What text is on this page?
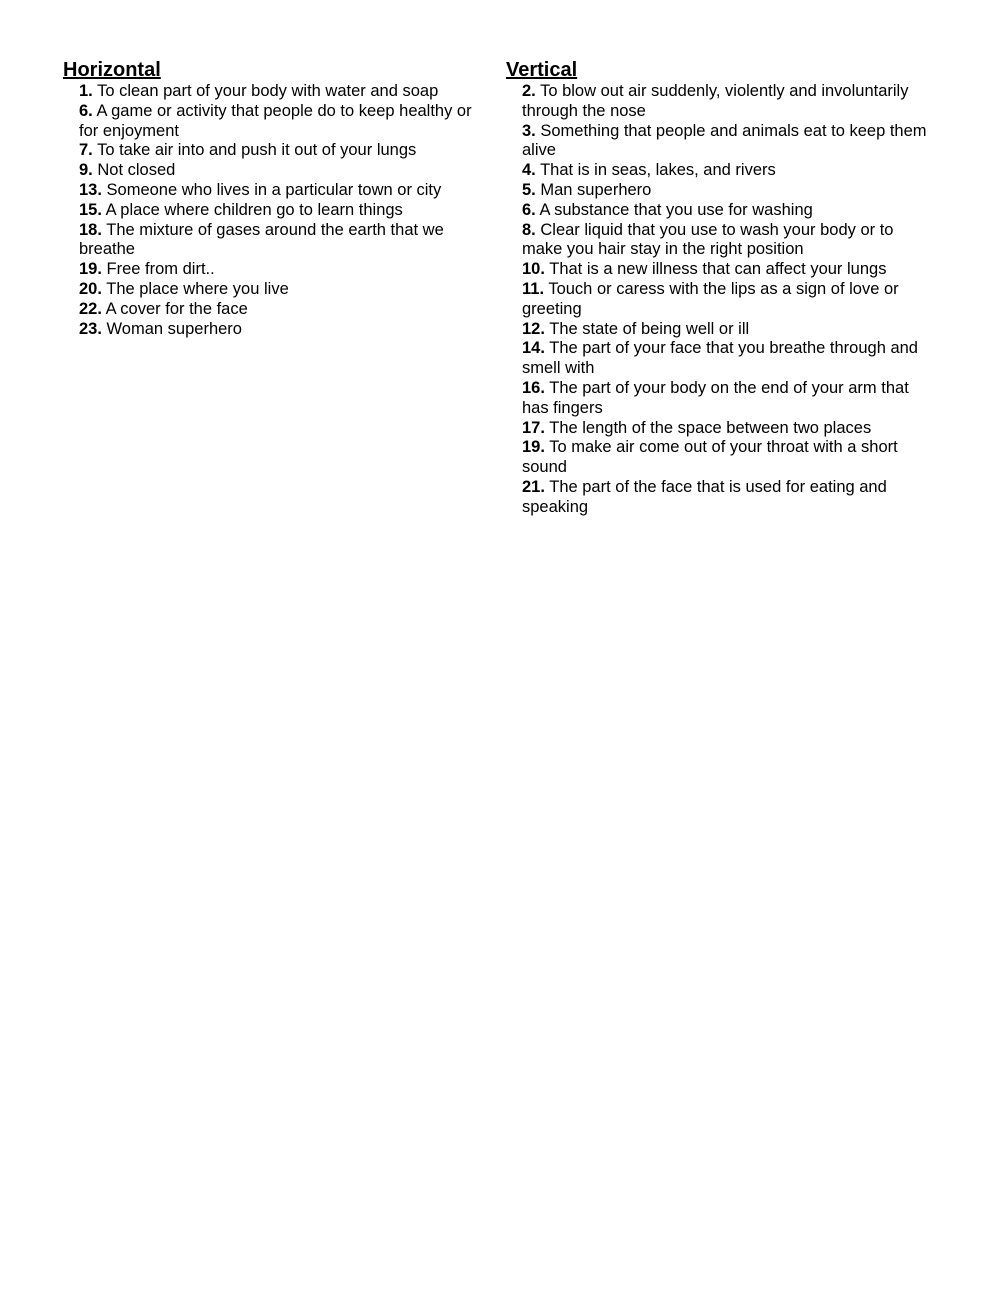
Horizontal
1. To clean part of your body with water and soap
6. A game or activity that people do to keep healthy or for enjoyment
7. To take air into and push it out of your lungs
9. Not closed
13. Someone who lives in a particular town or city
15. A place where children go to learn things
18. The mixture of gases around the earth that we breathe
19. Free from dirt..
20. The place where you live
22. A cover for the face
23. Woman superhero
Vertical
2. To blow out air suddenly, violently and involuntarily through the nose
3. Something that people and animals eat to keep them alive
4. That is in seas, lakes, and rivers
5. Man superhero
6. A substance that you use for washing
8. Clear liquid that you use to wash your body or to make you hair stay in the right position
10. That is a new illness that can affect your lungs
11. Touch or caress with the lips as a sign of love or greeting
12. The state of being well or ill
14. The part of your face that you breathe through and smell with
16. The part of your body on the end of your arm that has fingers
17. The length of the space between two places
19. To make air come out of your throat with a short sound
21. The part of the face that is used for eating and speaking
